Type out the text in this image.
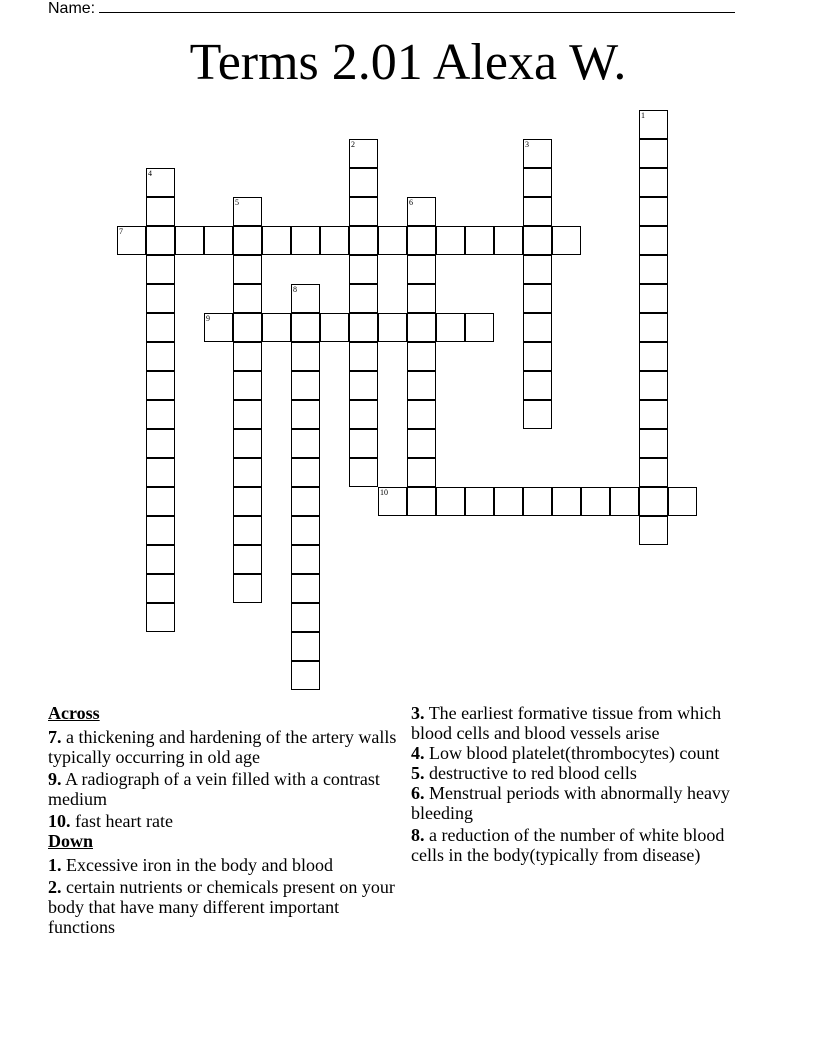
Name:
Terms 2.01 Alexa W.
1
2	3
4
5	6
7
8
9
10
Across
7. a thickening and hardening of the artery walls typically occurring in old age
9. A radiograph of a vein filled with a contrast medium
10. fast heart rate
Down
1. Excessive iron in the body and blood
2. certain nutrients or chemicals present on your body that have many different important functions
3. The earliest formative tissue from which blood cells and blood vessels arise
4. Low blood platelet(thrombocytes) count
5. destructive to red blood cells
6. Menstrual periods with abnormally heavy bleeding
8. a reduction of the number of white blood cells in the body(typically from disease)
